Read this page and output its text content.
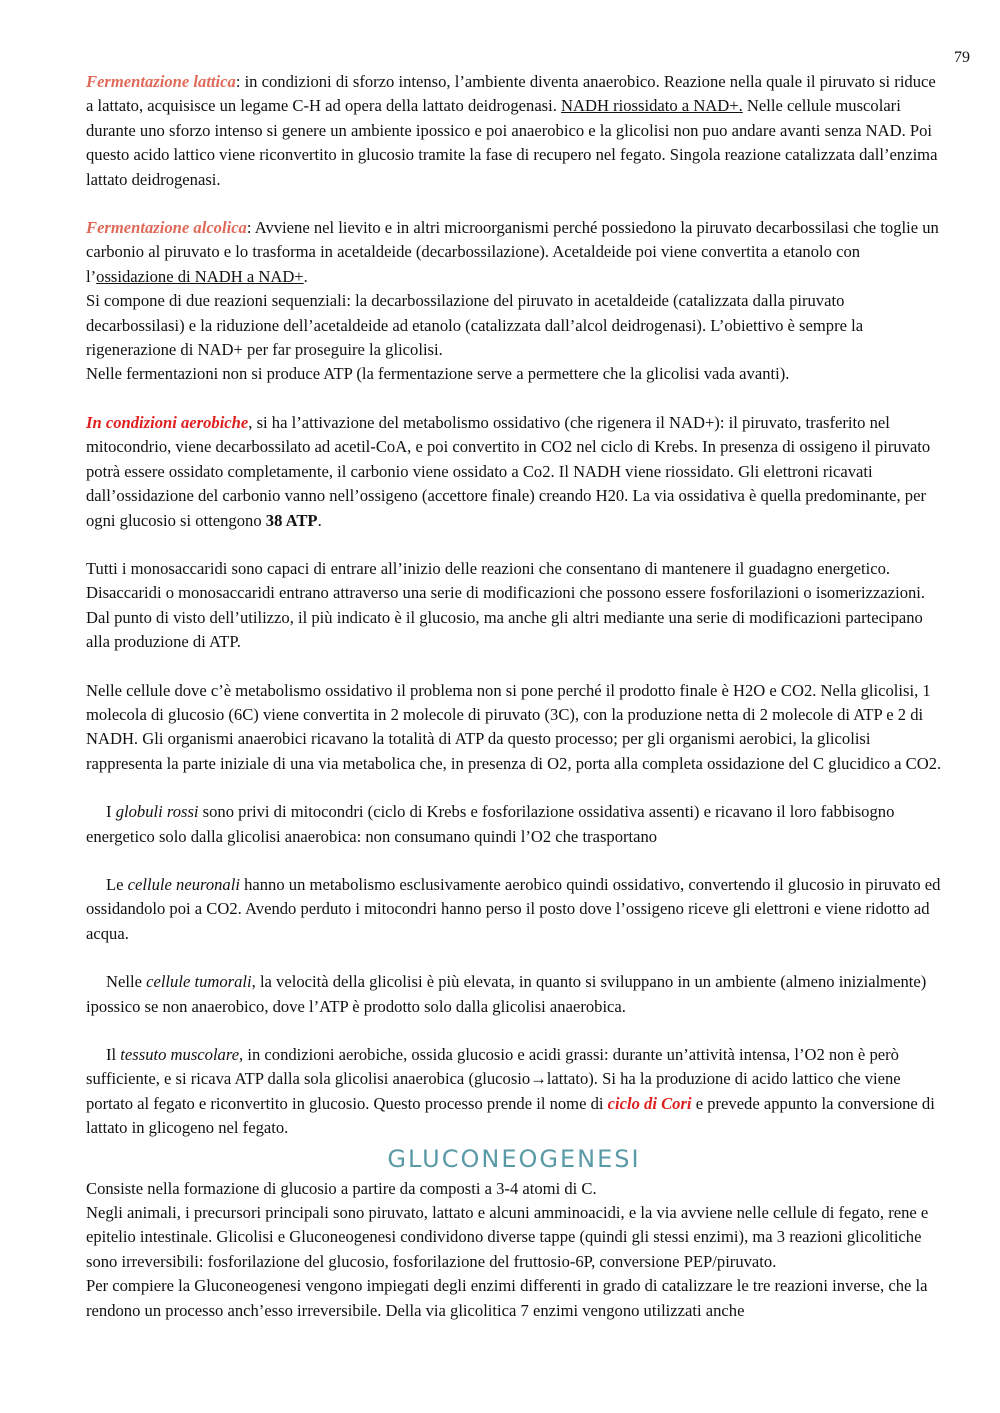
79

Fermentazione lattica: in condizioni di sforzo intenso, l’ambiente diventa anaerobico. Reazione nella quale il piruvato si riduce a lattato, acquisisce un legame C-H ad opera della lattato deidrogenasi. NADH riossidato a NAD+. Nelle cellule muscolari durante uno sforzo intenso si genere un ambiente ipossico e poi anaerobico e la glicolisi non puo andare avanti senza NAD. Poi questo acido lattico viene riconvertito in glucosio tramite la fase di recupero nel fegato. Singola reazione catalizzata dall’enzima lattato deidrogenasi.

Fermentazione alcolica: Avviene nel lievito e in altri microorganismi perché possiedono la piruvato decarbossilasi che toglie un carbonio al piruvato e lo trasforma in acetaldeide (decarbossilazione). Acetaldeide poi viene convertita a etanolo con l’ossidazione di NADH a NAD+.

Si compone di due reazioni sequenziali: la decarbossilazione del piruvato in acetaldeide (catalizzata dalla piruvato decarbossilasi) e la riduzione dell’acetaldeide ad etanolo (catalizzata dall’alcol deidrogenasi). L’obiettivo è sempre la rigenerazione di NAD+ per far proseguire la glicolisi.

Nelle fermentazioni non si produce ATP (la fermentazione serve a permettere che la glicolisi vada avanti).

In condizioni aerobiche, si ha l’attivazione del metabolismo ossidativo (che rigenera il NAD+): il piruvato, trasferito nel mitocondrio, viene decarbossilato ad acetil-CoA, e poi convertito in CO2 nel ciclo di Krebs. In presenza di ossigeno il piruvato potrà essere ossidato completamente, il carbonio viene ossidato a Co2. Il NADH viene riossidato. Gli elettroni ricavati dall’ossidazione del carbonio vanno nell’ossigeno (accettore finale) creando H20. La via ossidativa è quella predominante, per ogni glucosio si ottengono 38 ATP.

Tutti i monosaccaridi sono capaci di entrare all’inizio delle reazioni che consentano di mantenere il guadagno energetico. Disaccaridi o monosaccaridi entrano attraverso una serie di modificazioni che possono essere fosforilazioni o isomerizzazioni. Dal punto di visto dell’utilizzo, il più indicato è il glucosio, ma anche gli altri mediante una serie di modificazioni partecipano alla produzione di ATP.

Nelle cellule dove c’è metabolismo ossidativo il problema non si pone perché il prodotto finale è H2O e CO2. Nella glicolisi, 1 molecola di glucosio (6C) viene convertita in 2 molecole di piruvato (3C), con la produzione netta di 2 molecole di ATP e 2 di NADH. Gli organismi anaerobici ricavano la totalità di ATP da questo processo; per gli organismi aerobici, la glicolisi rappresenta la parte iniziale di una via metabolica che, in presenza di O2, porta alla completa ossidazione del C glucidico a CO2.

I globuli rossi sono privi di mitocondri (ciclo di Krebs e fosforilazione ossidativa assenti) e ricavano il loro fabbisogno energetico solo dalla glicolisi anaerobica: non consumano quindi l’O2 che trasportano

Le cellule neuronali hanno un metabolismo esclusivamente aerobico quindi ossidativo, convertendo il glucosio in piruvato ed ossidandolo poi a CO2. Avendo perduto i mitocondri hanno perso il posto dove l’ossigeno riceve gli elettroni e viene ridotto ad acqua.

Nelle cellule tumorali, la velocità della glicolisi è più elevata, in quanto si sviluppano in un ambiente (almeno inizialmente) ipossico se non anaerobico, dove l’ATP è prodotto solo dalla glicolisi anaerobica.

Il tessuto muscolare, in condizioni aerobiche, ossida glucosio e acidi grassi: durante un’attività intensa, l’O2 non è però sufficiente, e si ricava ATP dalla sola glicolisi anaerobica (glucosio→lattato). Si ha la produzione di acido lattico che viene portato al fegato e riconvertito in glucosio. Questo processo prende il nome di ciclo di Cori e prevede appunto la conversione di lattato in glicogeno nel fegato.

GLUCONEOGENESI

Consiste nella formazione di glucosio a partire da composti a 3-4 atomi di C.

Negli animali, i precursori principali sono piruvato, lattato e alcuni amminoacidi, e la via avviene nelle cellule di fegato, rene e epitelio intestinale. Glicolisi e Gluconeogenesi condividono diverse tappe (quindi gli stessi enzimi), ma 3 reazioni glicolitiche sono irreversibili: fosforilazione del glucosio, fosforilazione del fruttosio-6P, conversione PEP/piruvato.

Per compiere la Gluconeogenesi vengono impiegati degli enzimi differenti in grado di catalizzare le tre reazioni inverse, che la rendono un processo anch’esso irreversibile. Della via glicolitica 7 enzimi vengono utilizzati anche
